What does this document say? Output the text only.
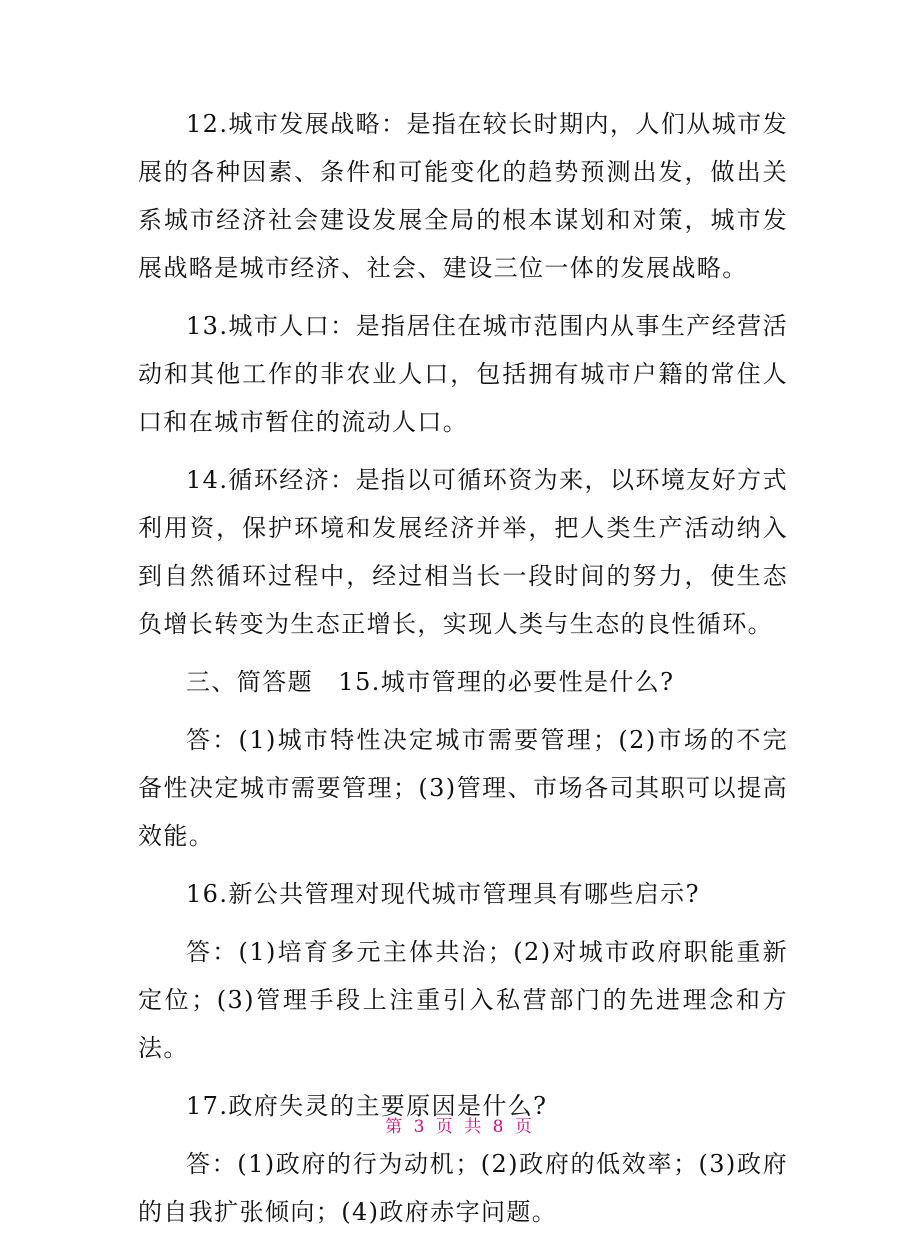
12.城市发展战略：是指在较长时期内，人们从城市发展的各种因素、条件和可能变化的趋势预测出发，做出关系城市经济社会建设发展全局的根本谋划和对策，城市发展战略是城市经济、社会、建设三位一体的发展战略。

13.城市人口：是指居住在城市范围内从事生产经营活动和其他工作的非农业人口，包括拥有城市户籍的常住人口和在城市暂住的流动人口。

14.循环经济：是指以可循环资为来，以环境友好方式利用资，保护环境和发展经济并举，把人类生产活动纳入到自然循环过程中，经过相当长一段时间的努力，使生态负增长转变为生态正增长，实现人类与生态的良性循环。

三、简答题　15.城市管理的必要性是什么?

答：(1)城市特性决定城市需要管理；(2)市场的不完备性决定城市需要管理；(3)管理、市场各司其职可以提高效能。

16.新公共管理对现代城市管理具有哪些启示?

答：(1)培育多元主体共治；(2)对城市政府职能重新定位；(3)管理手段上注重引入私营部门的先进理念和方法。

17.政府失灵的主要原因是什么?

答：(1)政府的行为动机；(2)政府的低效率；(3)政府的自我扩张倾向；(4)政府赤字问题。

第 3 页 共 8 页
